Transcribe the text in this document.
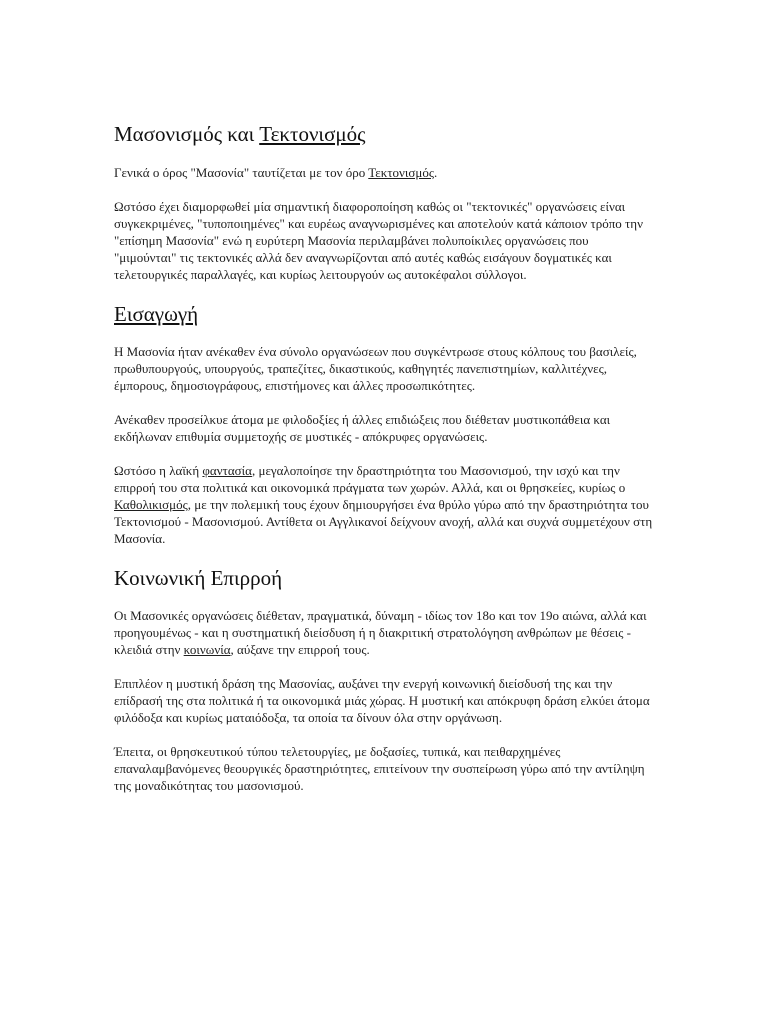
Μασονισμός και Τεκτονισμός

Γενικά ο όρος "Μασονία" ταυτίζεται με τον όρο Τεκτονισμός.

Ωστόσο έχει διαμορφωθεί μία σημαντική διαφοροποίηση καθώς οι "τεκτονικές" οργανώσεις είναι συγκεκριμένες, "τυποποιημένες" και ευρέως αναγνωρισμένες και αποτελούν κατά κάποιον τρόπο την "επίσημη Μασονία" ενώ η ευρύτερη Μασονία περιλαμβάνει πολυποίκιλες οργανώσεις που "μιμούνται" τις τεκτονικές αλλά δεν αναγνωρίζονται από αυτές καθώς εισάγουν δογματικές και τελετουργικές παραλλαγές, και κυρίως λειτουργούν ως αυτοκέφαλοι σύλλογοι.

Εισαγωγή

Η Μασονία ήταν ανέκαθεν ένα σύνολο οργανώσεων που συγκέντρωσε στους κόλπους του βασιλείς, πρωθυπουργούς, υπουργούς, τραπεζίτες, δικαστικούς, καθηγητές πανεπιστημίων, καλλιτέχνες, έμπορους, δημοσιογράφους, επιστήμονες και άλλες προσωπικότητες.

Ανέκαθεν προσείλκυε άτομα με φιλοδοξίες ή άλλες επιδιώξεις που διέθεταν μυστικοπάθεια και εκδήλωναν επιθυμία συμμετοχής σε μυστικές - απόκρυφες οργανώσεις.

Ωστόσο η λαϊκή φαντασία, μεγαλοποίησε την δραστηριότητα του Μασονισμού, την ισχύ και την επιρροή του στα πολιτικά και οικονομικά πράγματα των χωρών. Αλλά, και οι θρησκείες, κυρίως ο Καθολικισμός, με την πολεμική τους έχουν δημιουργήσει ένα θρύλο γύρω από την δραστηριότητα του Τεκτονισμού - Μασονισμού. Αντίθετα οι Αγγλικανοί δείχνουν ανοχή, αλλά και συχνά συμμετέχουν στη Μασονία.

Κοινωνική Επιρροή

Οι Μασονικές οργανώσεις διέθεταν, πραγματικά, δύναμη - ιδίως τον 18ο και τον 19ο αιώνα, αλλά και προηγουμένως - και η συστηματική διείσδυση ή η διακριτική στρατολόγηση ανθρώπων με θέσεις - κλειδιά στην κοινωνία, αύξανε την επιρροή τους.

Επιπλέον η μυστική δράση της Μασονίας, αυξάνει την ενεργή κοινωνική διείσδυσή της και την επίδρασή της στα πολιτικά ή τα οικονομικά μιάς χώρας. Η μυστική και απόκρυφη δράση ελκύει άτομα φιλόδοξα και κυρίως ματαιόδοξα, τα οποία τα δίνουν όλα στην οργάνωση.

Έπειτα, οι θρησκευτικού τύπου τελετουργίες, με δοξασίες, τυπικά, και πειθαρχημένες επαναλαμβανόμενες θεουργικές δραστηριότητες, επιτείνουν την συσπείρωση γύρω από την αντίληψη της μοναδικότητας του μασονισμού.
